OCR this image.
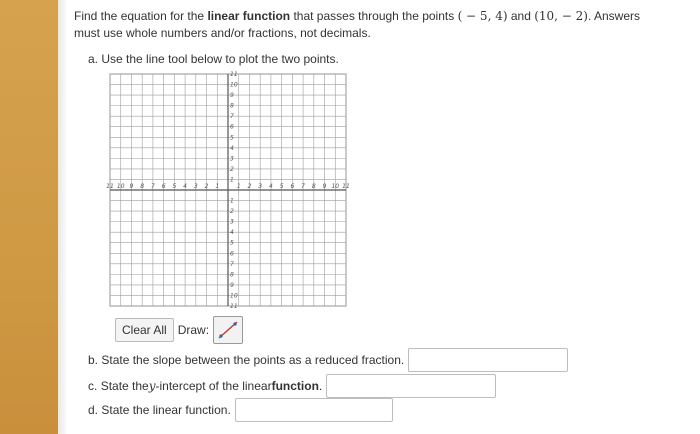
Find the equation for the linear function that passes through the points ( − 5, 4) and (10, − 2). Answers
must use whole numbers and/or fractions, not decimals.
a. Use the line tool below to plot the two points.
11 10 9 8 7 6 5 4 3 2 1	1 2 3 4 5 6 7 8 9 10 11
11
10
9
8
7
6
5
4
3
2
1
1
2
3
4
5
6
7
8
9
10
11
Clear All Draw:
b.
State the slope between the points as a reduced fraction.
c.
State the y -intercept of the linear function .
d.
State the linear function.
